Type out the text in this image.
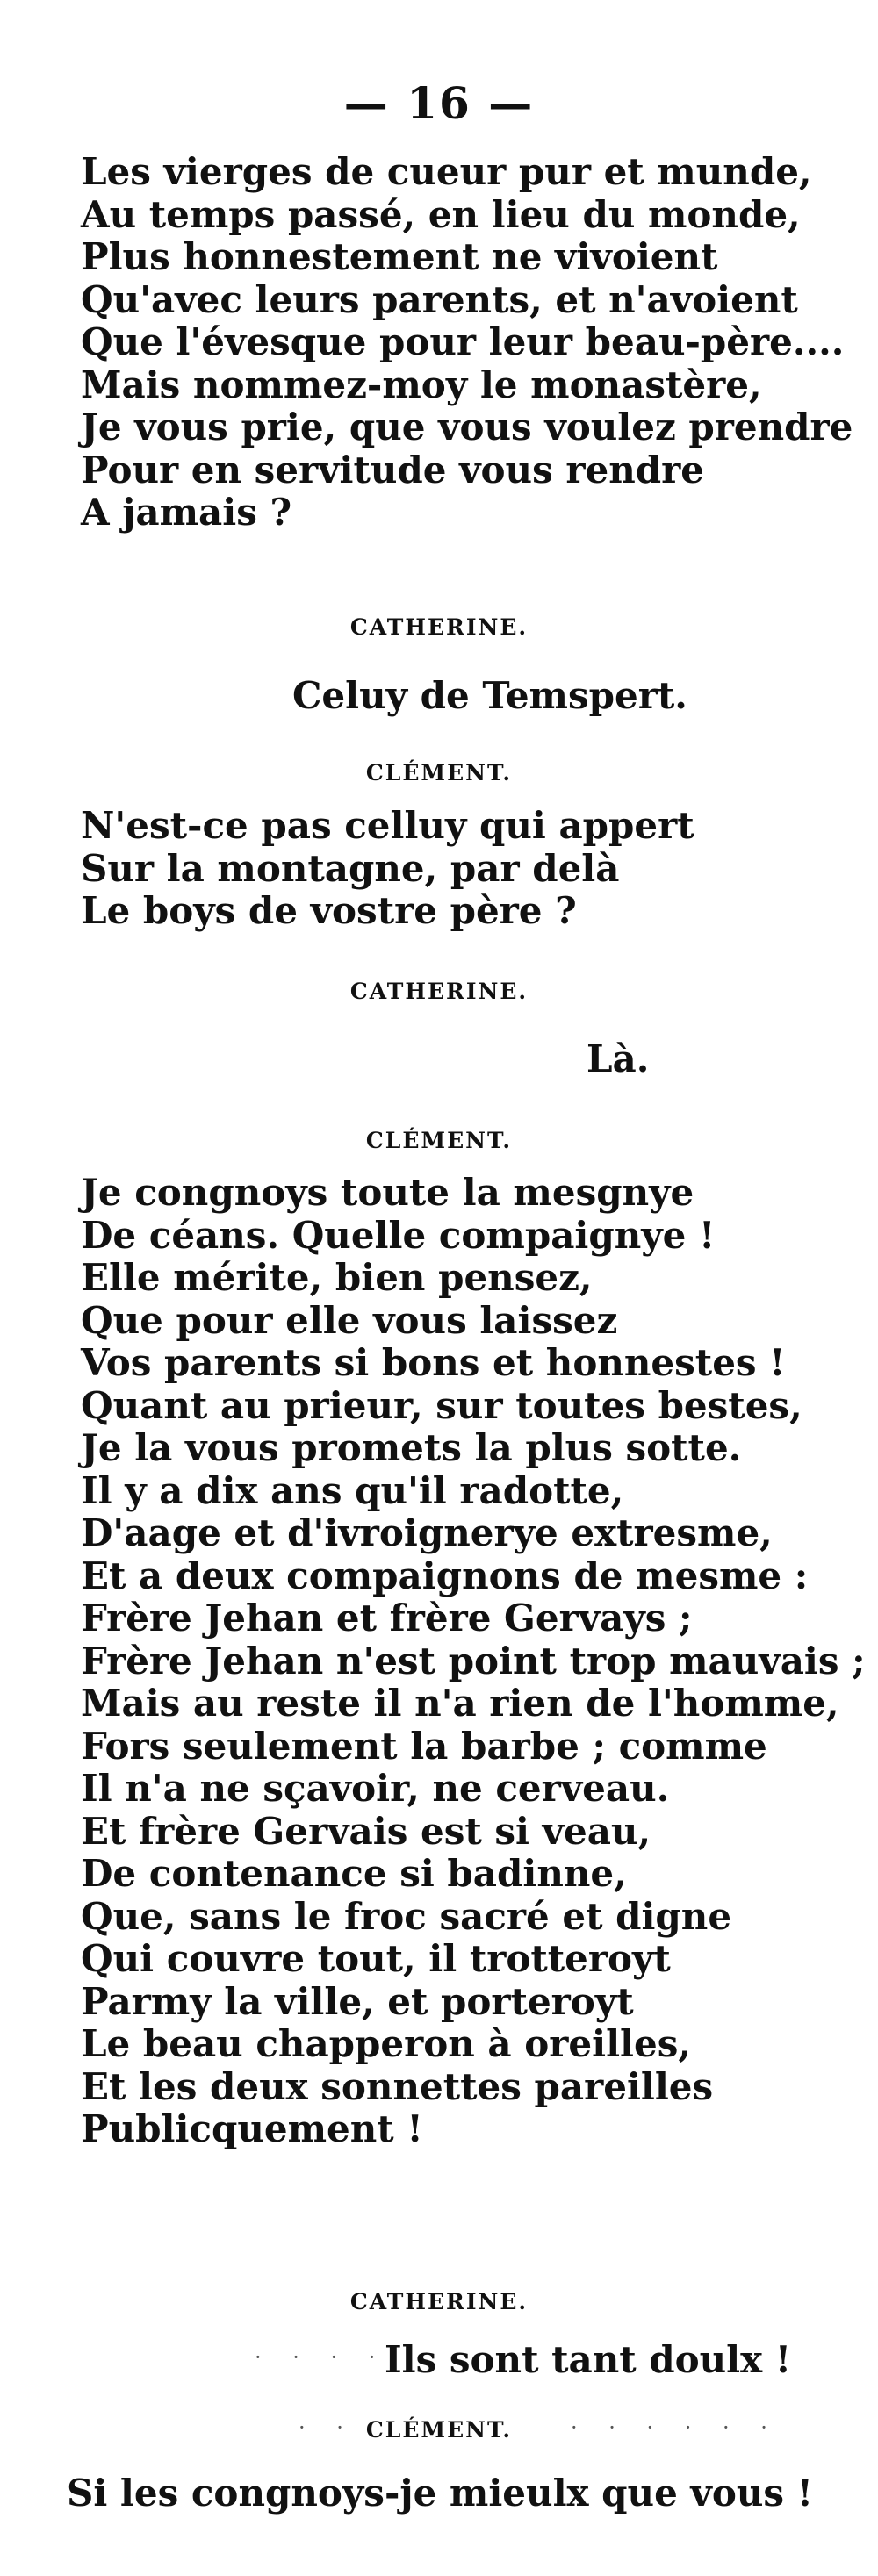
— 16 —
Les vierges de cueur pur et munde,
Au temps passé, en lieu du monde,
Plus honnestement ne vivoient
Qu'avec leurs parents, et n'avoient
Que l'évesque pour leur beau-père....
Mais nommez-moy le monastère,
Je vous prie, que vous voulez prendre
Pour en servitude vous rendre
A jamais ?
CATHERINE.
Celuy de Temspert.
CLÉMENT.
N'est-ce pas celluy qui appert
Sur la montagne, par delà
Le boys de vostre père ?
CATHERINE.
Là.
CLÉMENT.
Je congnoys toute la mesgnye
De céans. Quelle compaignye !
Elle mérite, bien pensez,
Que pour elle vous laissez
Vos parents si bons et honnestes !
Quant au prieur, sur toutes bestes,
Je la vous promets la plus sotte.
Il y a dix ans qu'il radotte,
D'aage et d'ivroignerye extresme,
Et a deux compaignons de mesme :
Frère Jehan et frère Gervays ;
Frère Jehan n'est point trop mauvais ;
Mais au reste il n'a rien de l'homme,
Fors seulement la barbe ; comme
Il n'a ne sçavoir, ne cerveau.
Et frère Gervais est si veau,
De contenance si badinne,
Que, sans le froc sacré et digne
Qui couvre tout, il trotteroyt
Parmy la ville, et porteroyt
Le beau chapperon à oreilles,
Et les deux sonnettes pareilles
Publicquement !
CATHERINE.
· · · ·
Ils sont tant doulx !
· · CLÉMENT.	· · · · · ·
Si les congnoys-je mieulx que vous !
